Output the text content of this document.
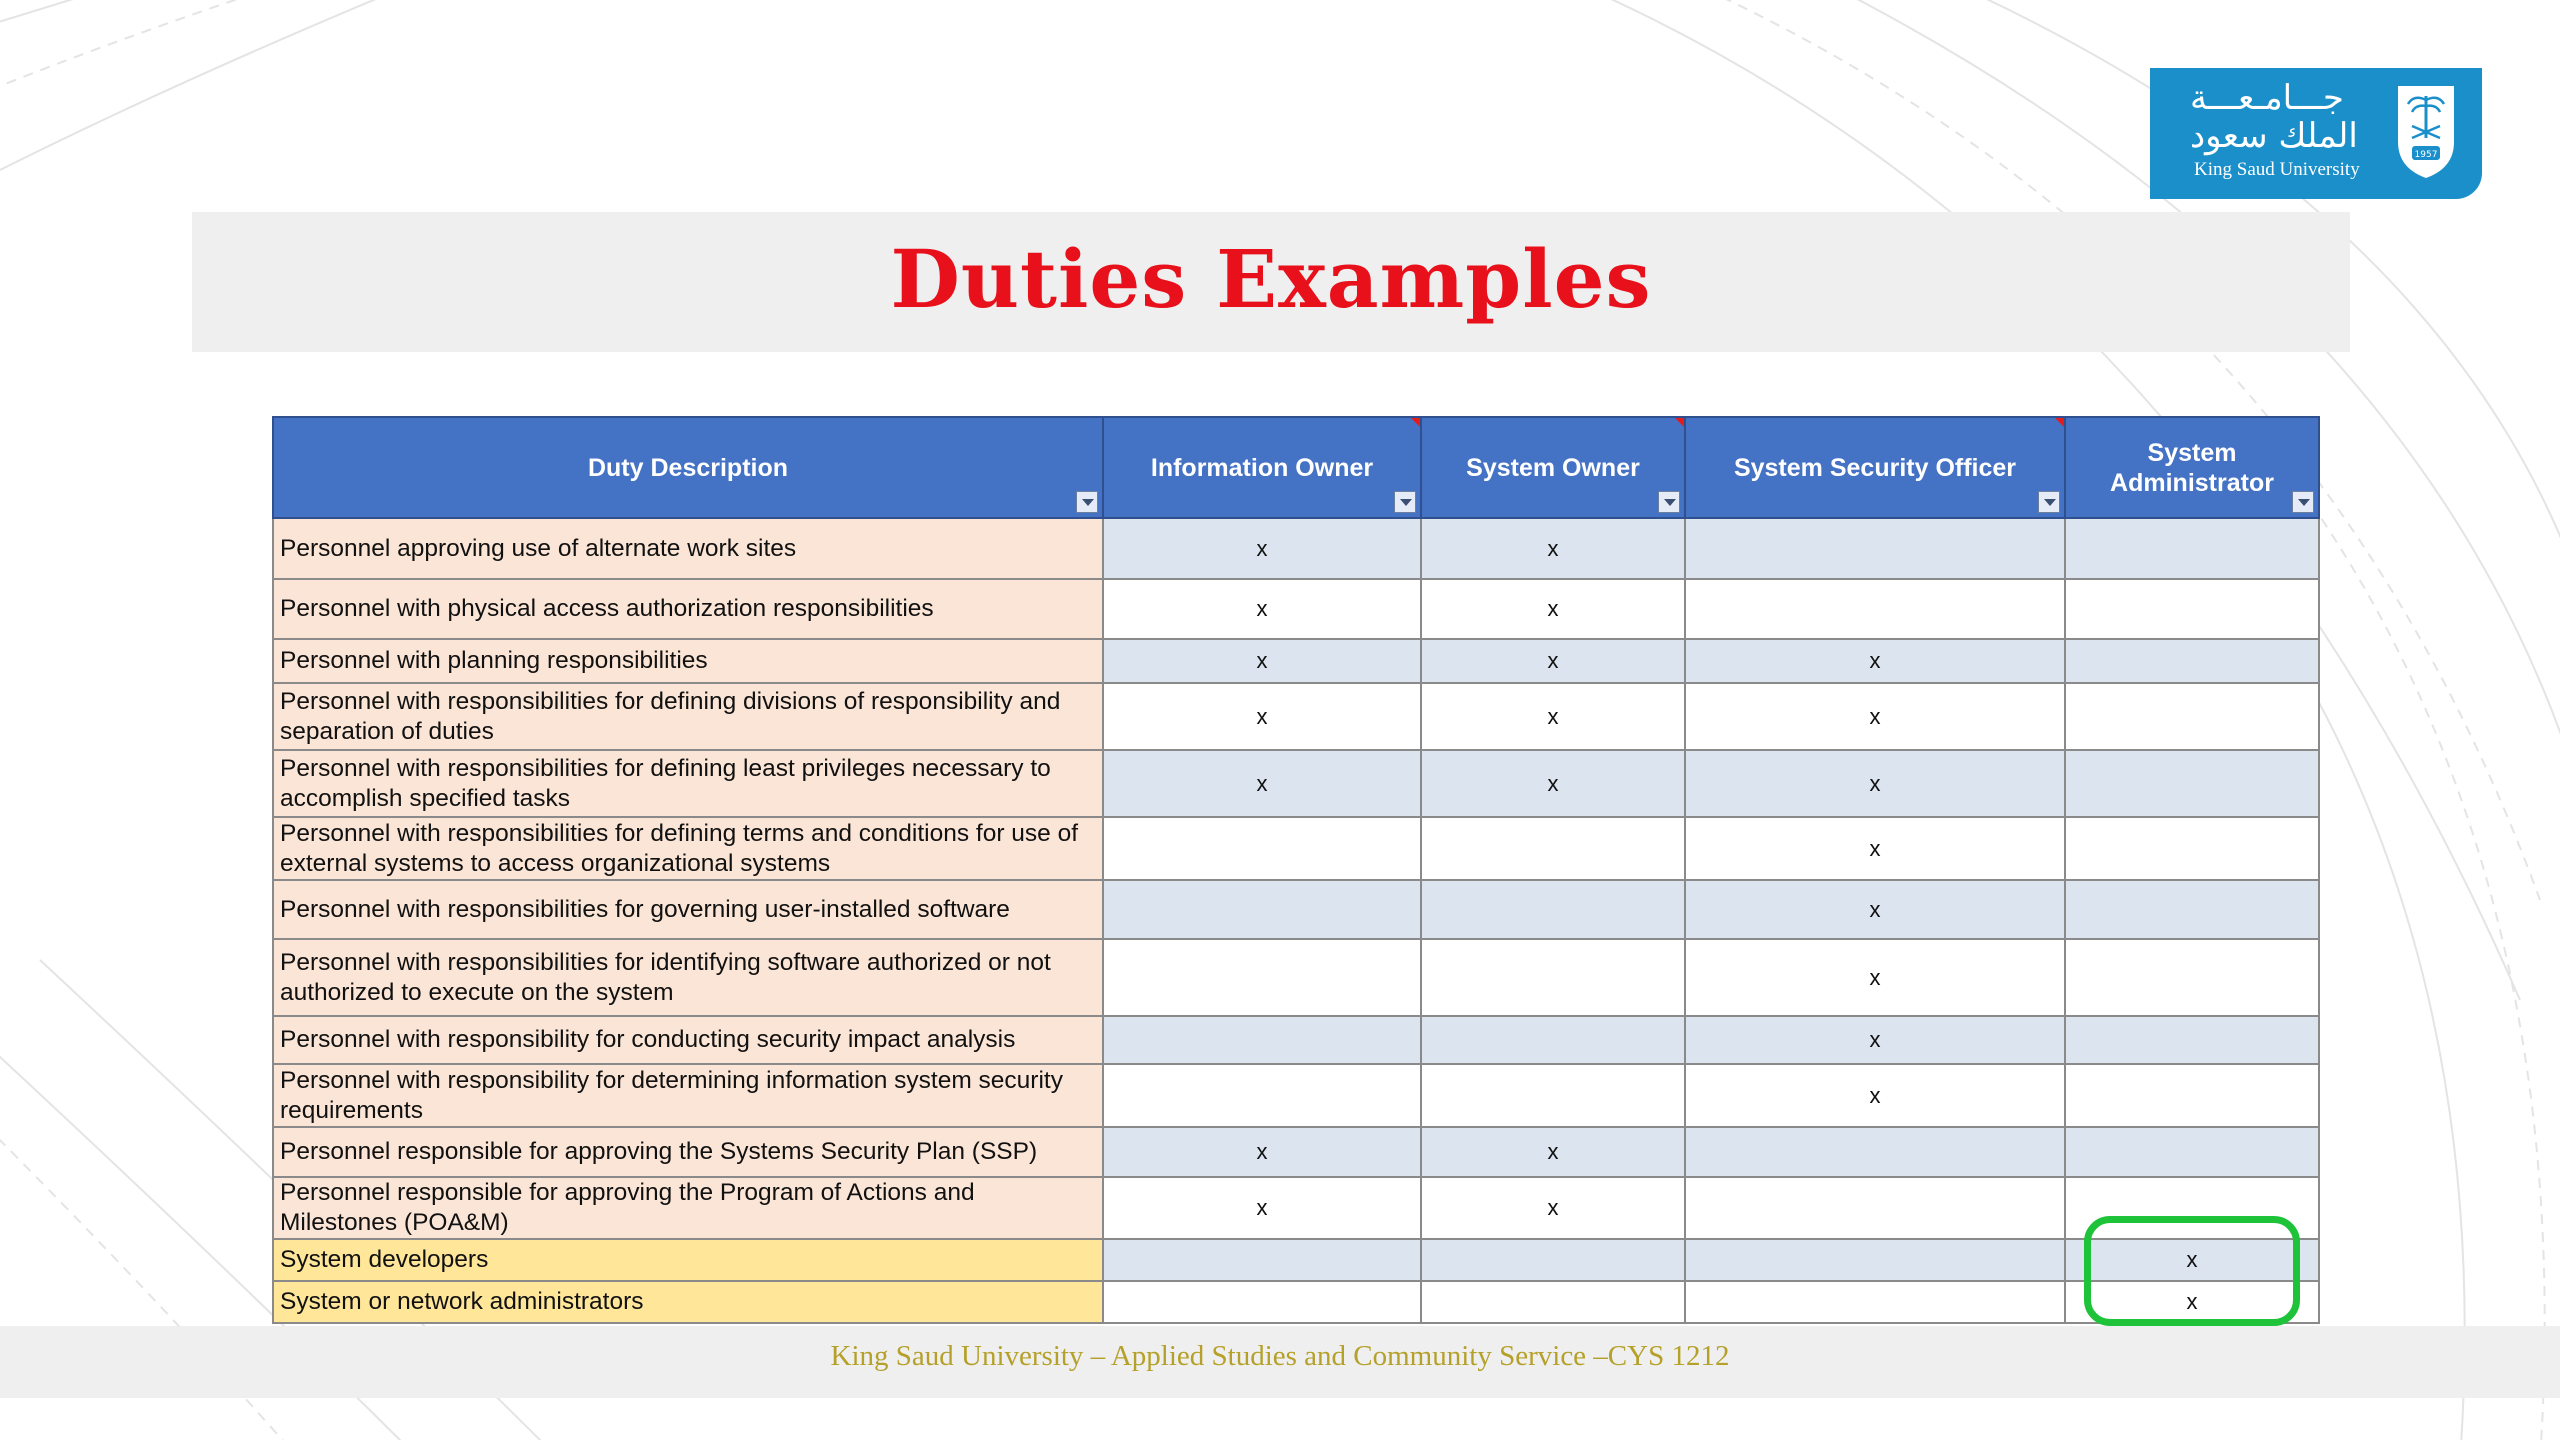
جـــامـعـــة
الملك سعود
King Saud University
1957
Duties Examples
Duty Description	Information Owner	System Owner	System Security Officer	System Administrator

Personnel approving use of alternate work sites	x	x		
Personnel with physical access authorization responsibilities	x	x		
Personnel with planning responsibilities	x	x	x	
Personnel with responsibilities for defining divisions of responsibility and separation of duties	x	x	x	
Personnel with responsibilities for defining least privileges necessary to accomplish specified tasks	x	x	x	
Personnel with responsibilities for defining terms and conditions for use of external systems to access organizational systems			x	
Personnel with responsibilities for governing user-installed software			x	
Personnel with responsibilities for identifying software authorized or not authorized to execute on the system			x	
Personnel with responsibility for conducting security impact analysis			x	
Personnel with responsibility for determining information system security requirements			x	
Personnel responsible for approving the Systems Security Plan (SSP)	x	x		
Personnel responsible for approving the Program of Actions and Milestones (POA&M)	x	x		
System developers				x
System or network administrators				x
King Saud University – Applied Studies and Community Service –CYS 1212
